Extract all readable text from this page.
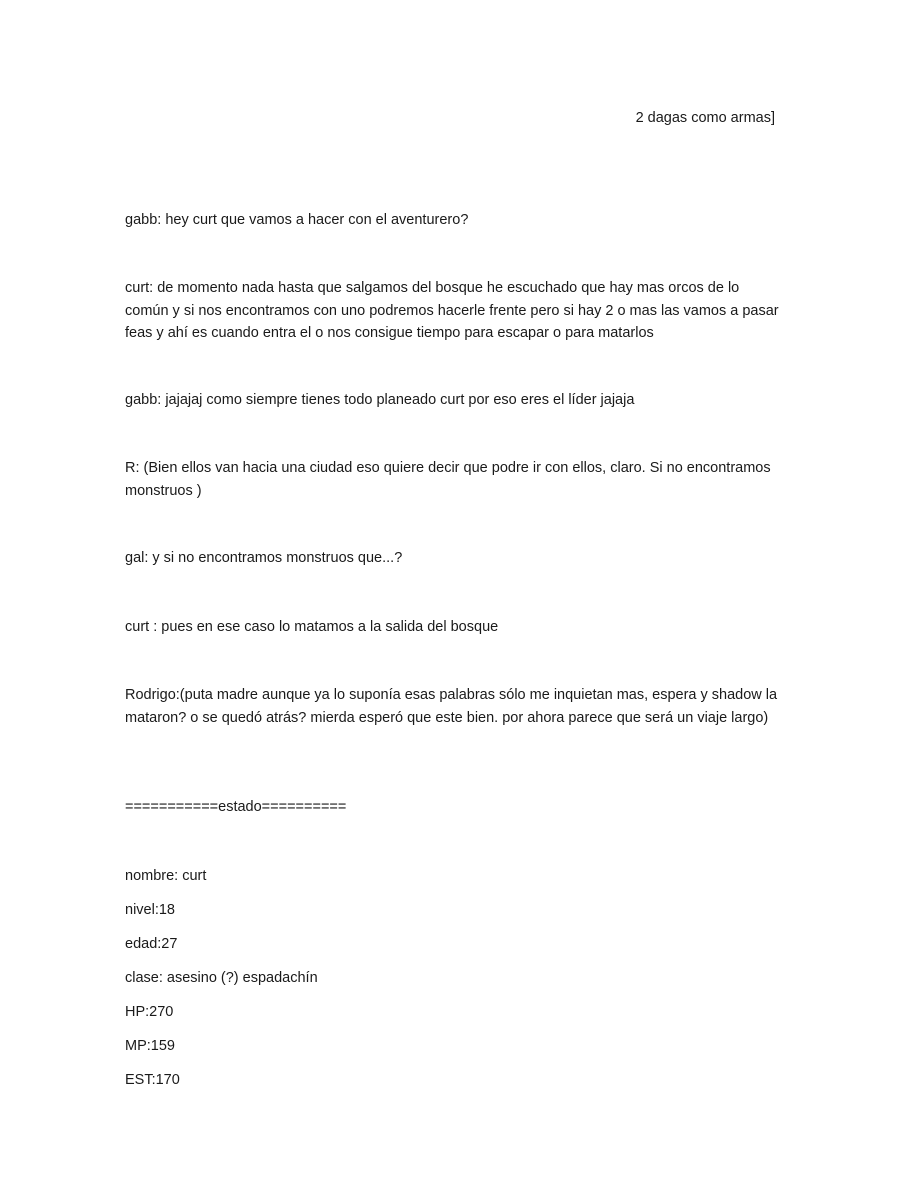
2 dagas como armas]

gabb: hey curt que vamos a hacer con el aventurero?

curt: de momento nada hasta que salgamos del bosque he escuchado que hay mas orcos de lo común y si nos encontramos con uno podremos hacerle frente pero si hay 2 o mas las vamos a pasar feas y ahí es cuando entra el o nos consigue tiempo para escapar o para matarlos

gabb: jajajaj como siempre tienes todo planeado curt por eso eres el líder jajaja

R: (Bien ellos van hacia una ciudad eso quiere decir que podre ir con ellos, claro. Si no encontramos monstruos )

gal: y si no encontramos monstruos que...?

curt : pues en ese caso lo matamos a la salida del bosque

Rodrigo:(puta madre aunque ya lo suponía esas palabras sólo me inquietan mas, espera y shadow la mataron? o se quedó atrás? mierda esperó que este bien. por ahora parece que será un viaje largo)

===========estado==========

nombre: curt

nivel:18

edad:27

clase: asesino (?) espadachín

HP:270

MP:159

EST:170
